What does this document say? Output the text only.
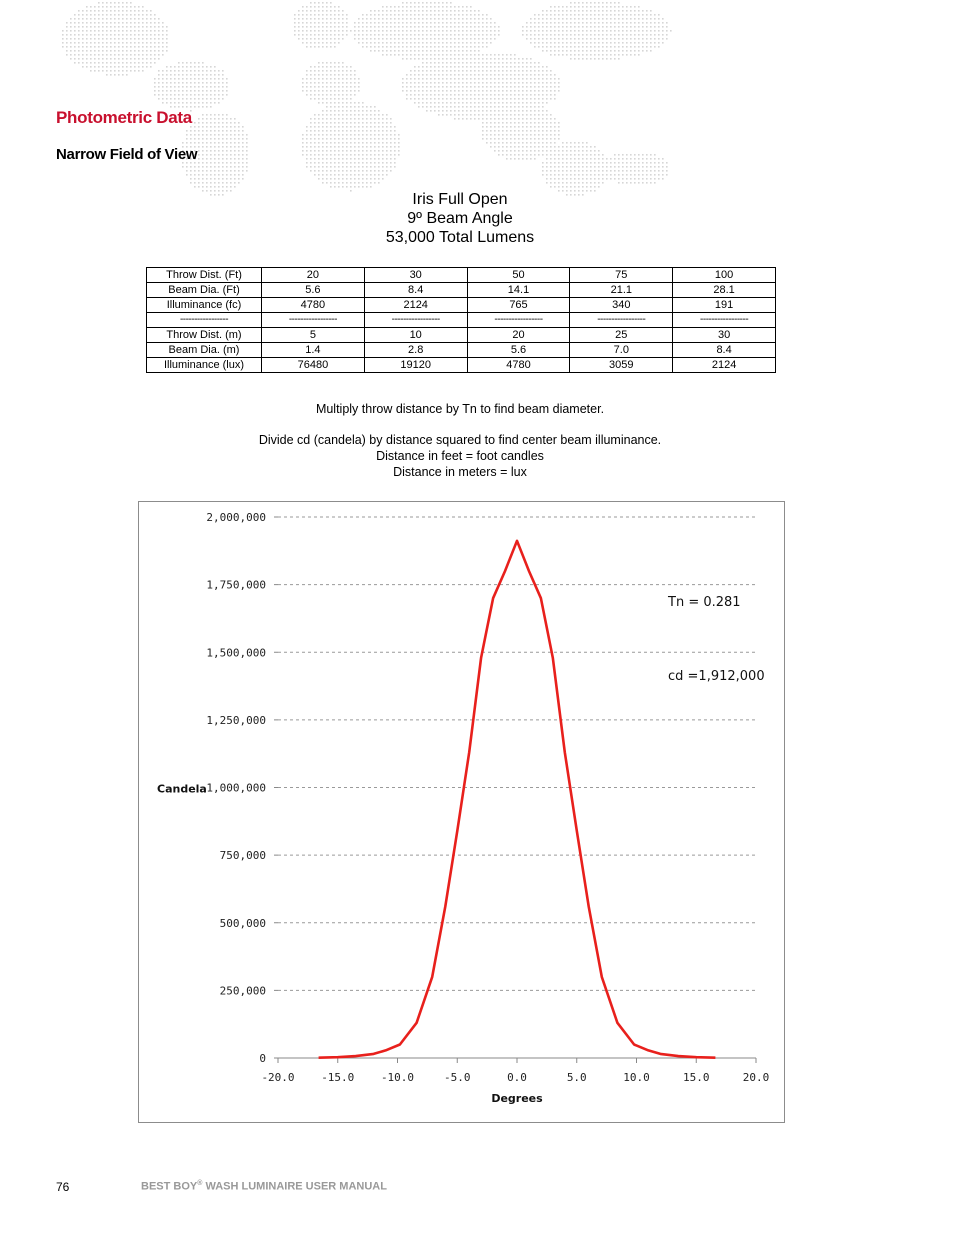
Photometric Data
Narrow Field of View
Iris Full Open
9º Beam Angle
53,000 Total Lumens
Throw Dist. (Ft)	20	30	50	75	100
Beam Dia. (Ft)	5.6	8.4	14.1	21.1	28.1
Illuminance (fc)	4780	2124	765	340	191
-----------------	-----------------	-----------------	-----------------	-----------------	-----------------
Throw Dist. (m)	5	10	20	25	30
Beam Dia. (m)	1.4	2.8	5.6	7.0	8.4
Illuminance (lux)	76480	19120	4780	3059	2124
Multiply throw distance by Tn to find beam diameter.
Divide cd (candela) by distance squared to find center beam illuminance.
Distance in feet = foot candles
Distance in meters = lux
0
250,000
500,000
750,000
1,000,000
1,250,000
1,500,000
1,750,000
2,000,000
-20.0 -15.0 -10.0	-5.0	0.0	5.0	10.0	15.0	20.0
Degrees
Candela
Tn = 0.281
cd =1,912,000
76	BEST BOY® WASH LUMINAIRE USER MANUAL
